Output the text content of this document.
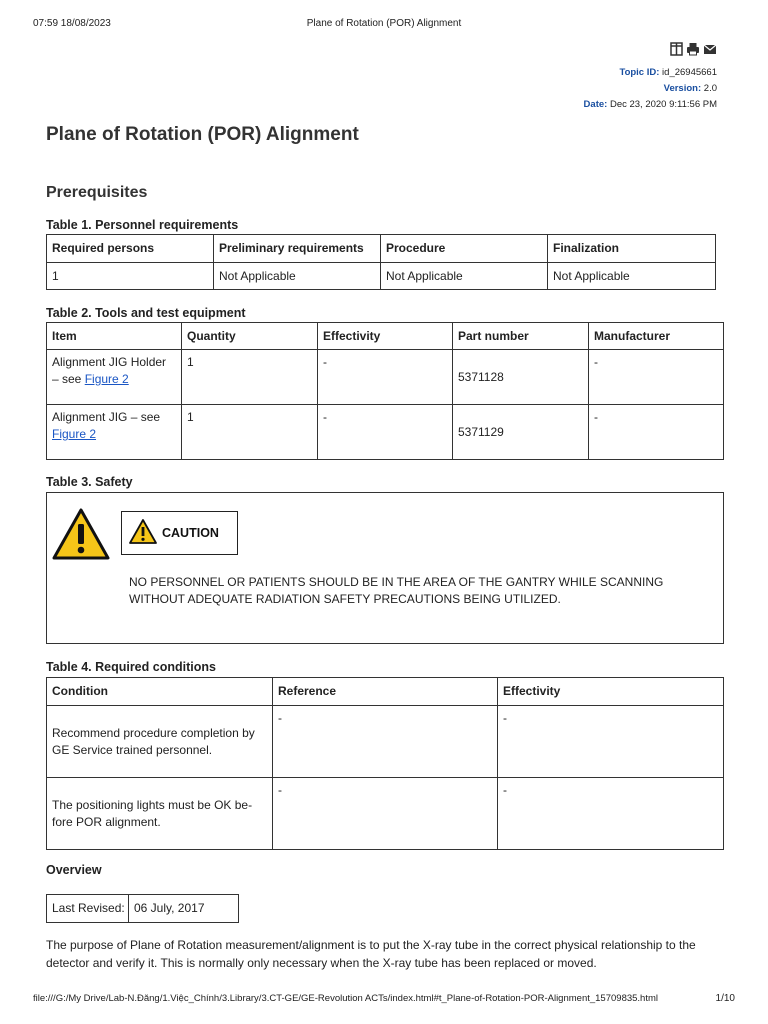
07:59 18/08/2023	Plane of Rotation (POR) Alignment
Topic ID: id_26945661
Version: 2.0
Date: Dec 23, 2020 9:11:56 PM
Plane of Rotation (POR) Alignment
Prerequisites
Table 1. Personnel requirements
Required persons	Preliminary requirements	Procedure	Finalization
1	Not Applicable	Not Applicable	Not Applicable
Table 2. Tools and test equipment
Item	Quantity	Effectivity	Part number	Manufacturer
Alignment JIG Holder – see Figure 2	1	-	5371128	-
Alignment JIG – see Figure 2	1	-	5371129	-
Table 3. Safety
CAUTION
NO PERSONNEL OR PATIENTS SHOULD BE IN THE AREA OF THE GANTRY WHILE SCANNING WITHOUT ADEQUATE RADIATION SAFETY PRECAUTIONS BEING UTILIZED.
Table 4. Required conditions
Condition	Reference	Effectivity
Recommend procedure completion by GE Service trained personnel.	-	-
The positioning lights must be OK be-fore POR alignment.	-	-
Overview
Last Revised:	06 July, 2017
The purpose of Plane of Rotation measurement/alignment is to put the X-ray tube in the correct physical relationship to the detector and verify it. This is normally only necessary when the X-ray tube has been replaced or moved.
file:///G:/My Drive/Lab-N.Đăng/1.Việc_Chính/3.Library/3.CT-GE/GE-Revolution ACTs/index.html#t_Plane-of-Rotation-POR-Alignment_15709835.html	1/10
